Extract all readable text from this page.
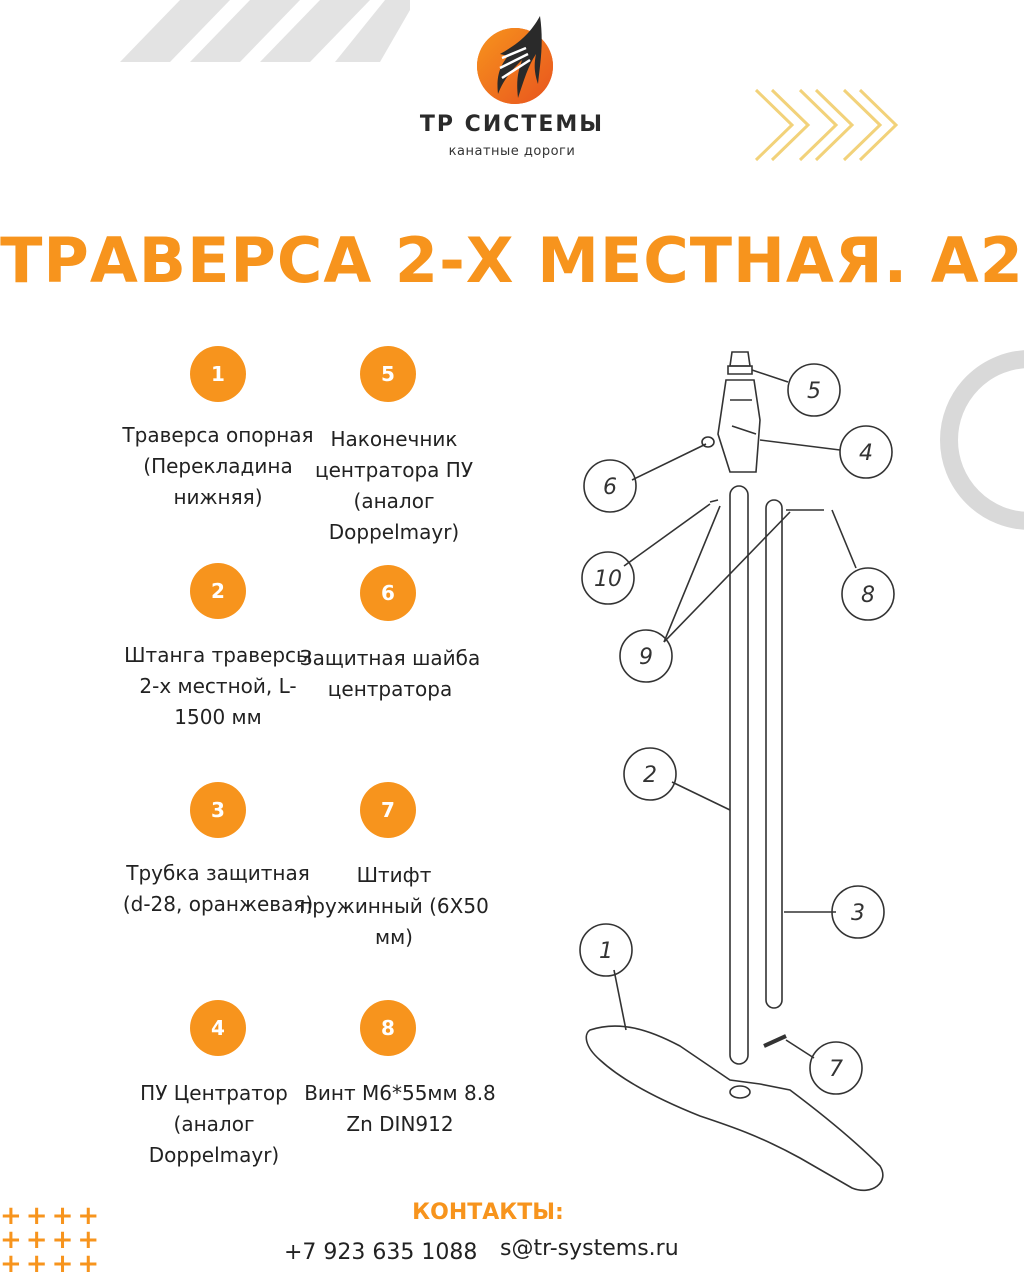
ТР СИСТЕМЫ
канатные дороги
ТРАВЕРСА 2-Х МЕСТНАЯ. А2
1
Траверса опорная (Перекладина нижняя)
2
Штанга траверсы 2-х местной, L-1500 мм
3
Трубка защитная (d-28, оранжевая)
4
ПУ Центратор (аналог Doppelmayr)
5
Наконечник центратора ПУ (аналог Doppelmayr)
6
Защитная шайба центратора
7
Штифт пружинный (6Х50 мм)
8
Винт М6*55мм 8.8 Zn DIN912
5
4
6
10
8
9
2
3
1
7
++++
++++
++++
КОНТАКТЫ:
+7 923 635 1088 s@tr-systems.ru
